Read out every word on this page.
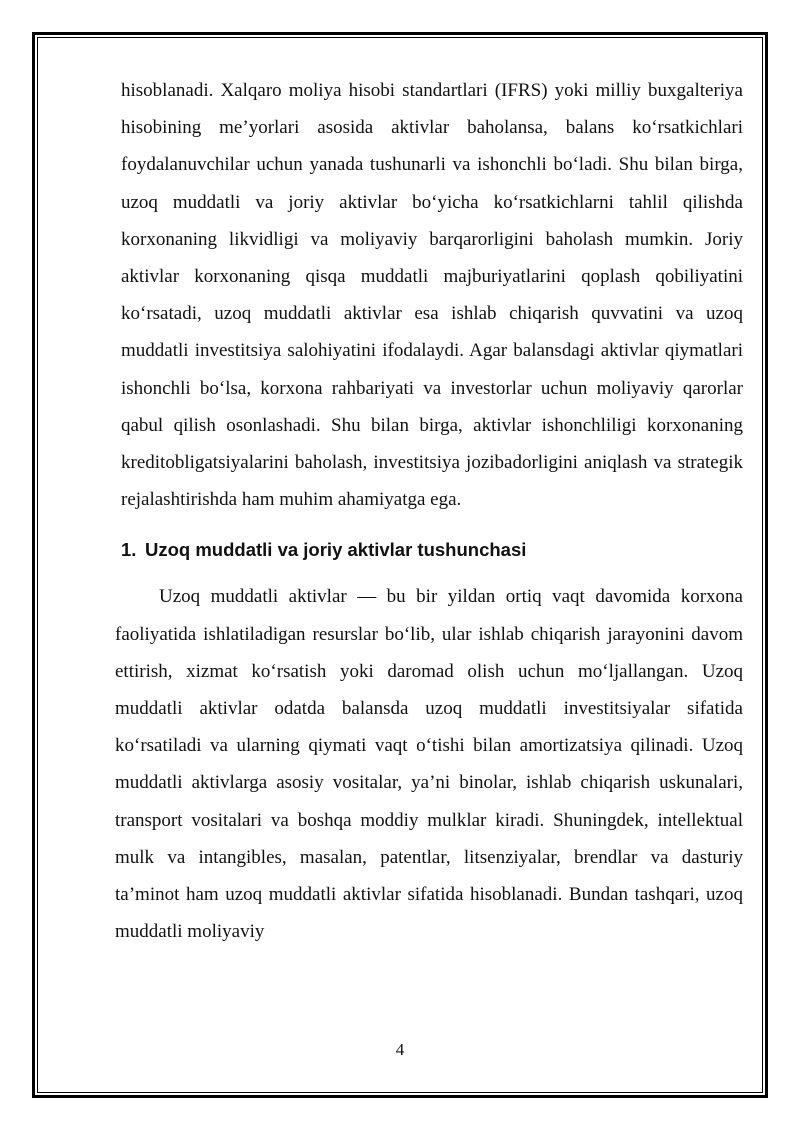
hisoblanadi. Xalqaro moliya hisobi standartlari (IFRS) yoki milliy buxgalteriya hisobining me’yorlari asosida aktivlar baholansa, balans ko‘rsatkichlari foydalanuvchilar uchun yanada tushunarli va ishonchli bo‘ladi. Shu bilan birga, uzoq muddatli va joriy aktivlar bo‘yicha ko‘rsatkichlarni tahlil qilishda korxonaning likvidligi va moliyaviy barqarorligini baholash mumkin. Joriy aktivlar korxonaning qisqa muddatli majburiyatlarini qoplash qobiliyatini ko‘rsatadi, uzoq muddatli aktivlar esa ishlab chiqarish quvvatini va uzoq muddatli investitsiya salohiyatini ifodalaydi. Agar balansdagi aktivlar qiymatlari ishonchli bo‘lsa, korxona rahbariyati va investorlar uchun moliyaviy qarorlar qabul qilish osonlashadi. Shu bilan birga, aktivlar ishonchliligi korxonaning kreditobligatsiyalarini baholash, investitsiya jozibadorligini aniqlash va strategik rejalashtirishda ham muhim ahamiyatga ega.

1. Uzoq muddatli va joriy aktivlar tushunchasi

Uzoq muddatli aktivlar — bu bir yildan ortiq vaqt davomida korxona faoliyatida ishlatiladigan resurslar bo‘lib, ular ishlab chiqarish jarayonini davom ettirish, xizmat ko‘rsatish yoki daromad olish uchun mo‘ljallangan. Uzoq muddatli aktivlar odatda balansda uzoq muddatli investitsiyalar sifatida ko‘rsatiladi va ularning qiymati vaqt o‘tishi bilan amortizatsiya qilinadi. Uzoq muddatli aktivlarga asosiy vositalar, ya’ni binolar, ishlab chiqarish uskunalari, transport vositalari va boshqa moddiy mulklar kiradi. Shuningdek, intellektual mulk va intangibles, masalan, patentlar, litsenziyalar, brendlar va dasturiy ta’minot ham uzoq muddatli aktivlar sifatida hisoblanadi. Bundan tashqari, uzoq muddatli moliyaviy

4
